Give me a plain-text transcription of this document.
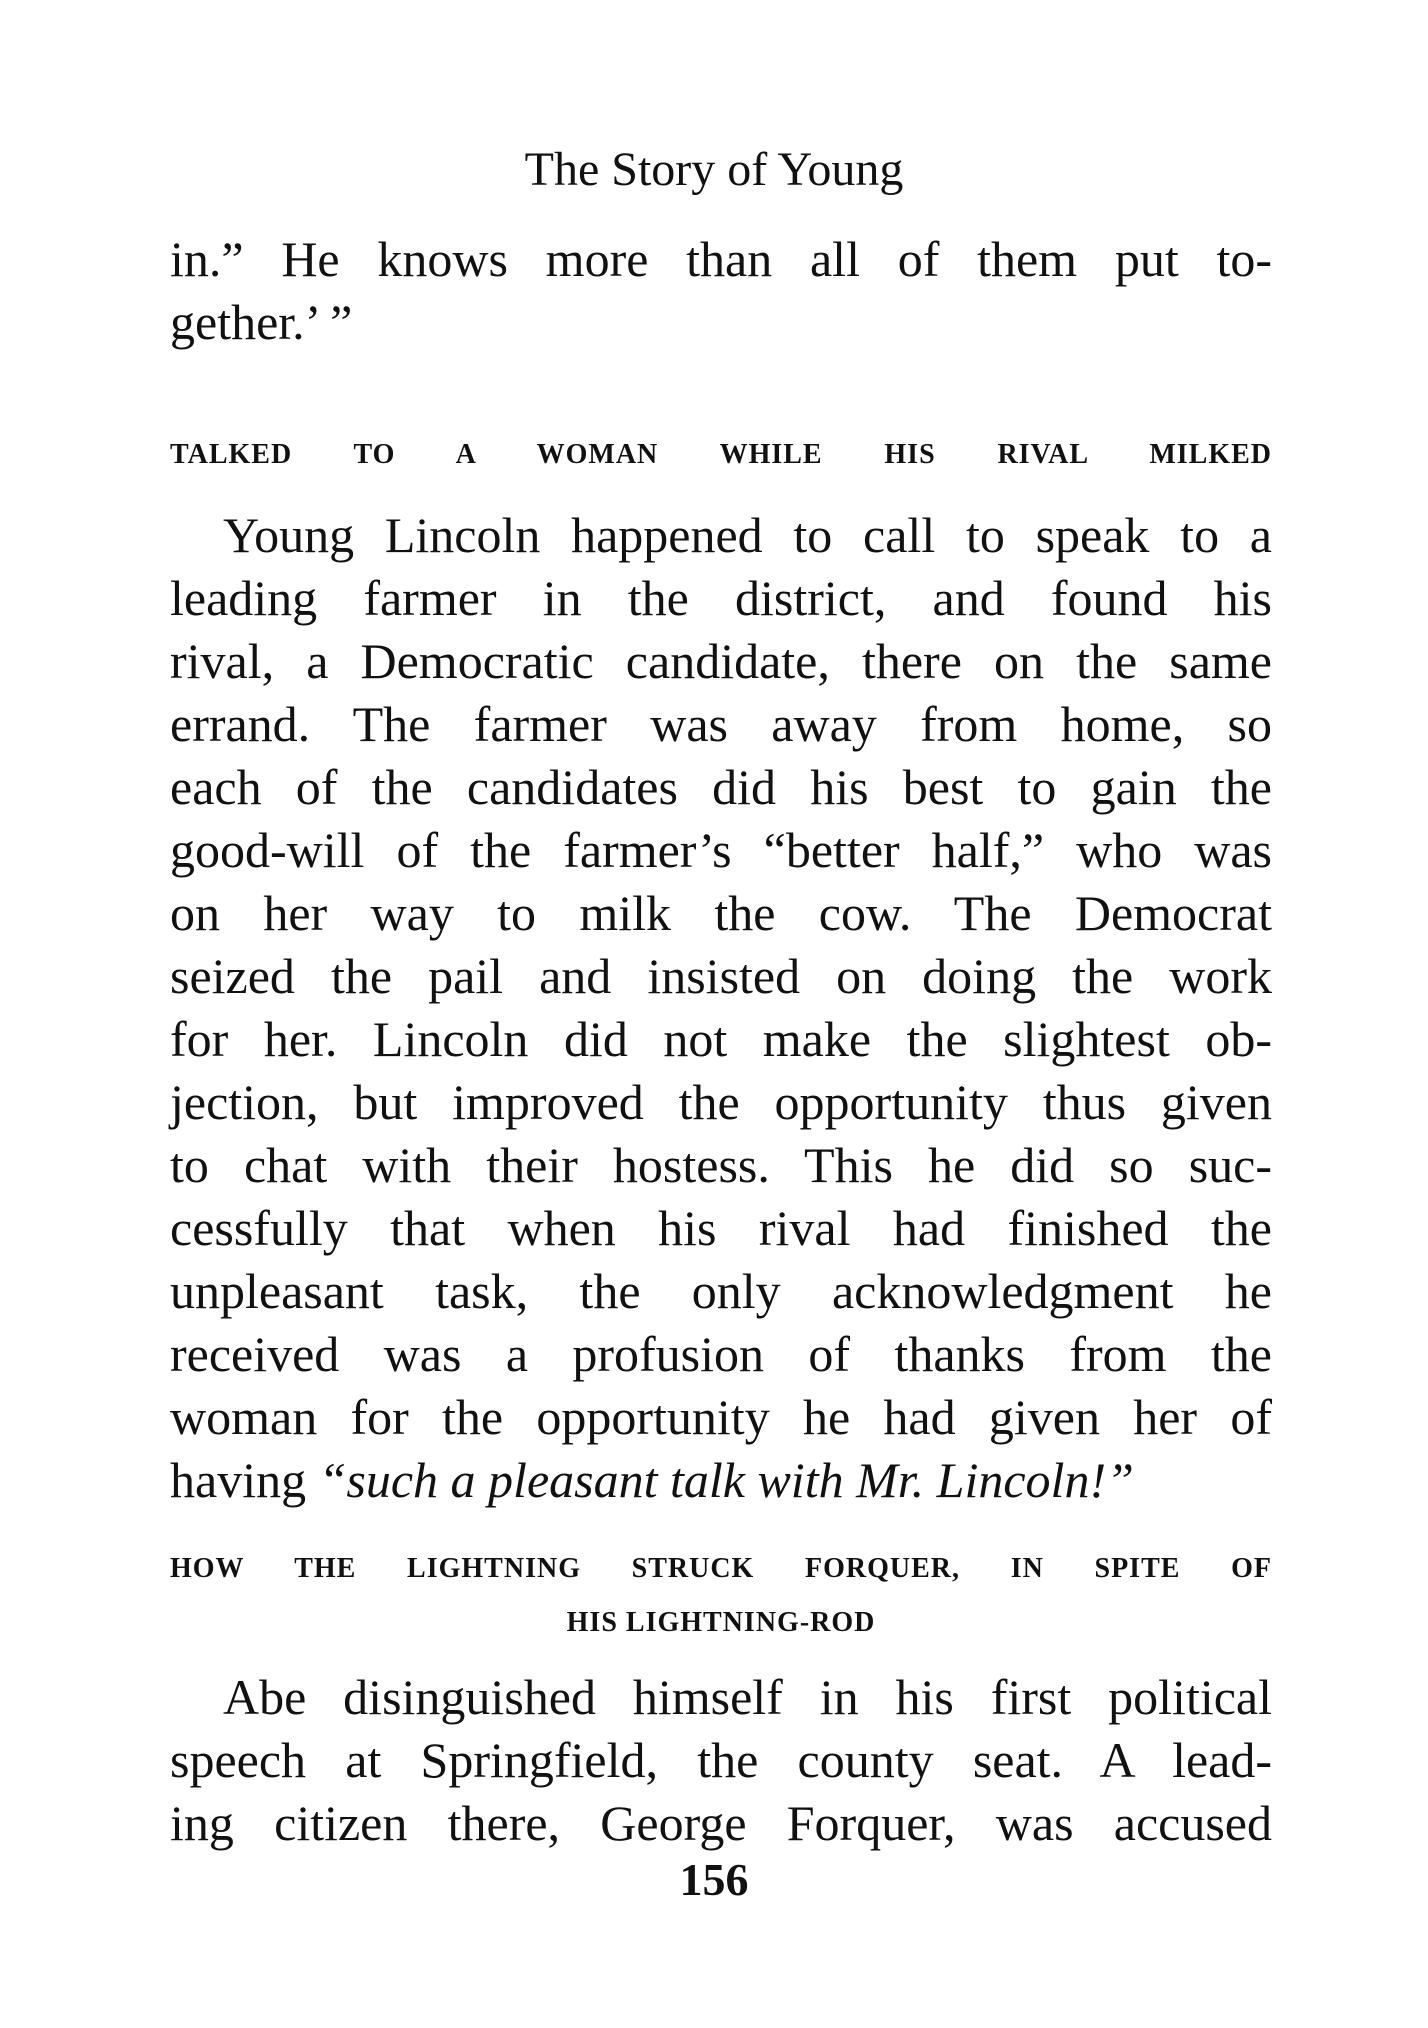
The Story of Young
in.” He knows more than all of them put to-
gether.’ ”
TALKED TO A WOMAN WHILE HIS RIVAL MILKED
Young Lincoln happened to call to speak to a
leading farmer in the district, and found his
rival, a Democratic candidate, there on the same
errand. The farmer was away from home, so
each of the candidates did his best to gain the
good-will of the farmer’s “better half,” who was
on her way to milk the cow. The Democrat
seized the pail and insisted on doing the work
for her. Lincoln did not make the slightest ob-
jection, but improved the opportunity thus given
to chat with their hostess. This he did so suc-
cessfully that when his rival had finished the
unpleasant task, the only acknowledgment he
received was a profusion of thanks from the
woman for the opportunity he had given her of
having “such a pleasant talk with Mr. Lincoln!”
HOW THE LIGHTNING STRUCK FORQUER, IN SPITE OF
HIS LIGHTNING-ROD
Abe disinguished himself in his first political
speech at Springfield, the county seat. A lead-
ing citizen there, George Forquer, was accused
156
